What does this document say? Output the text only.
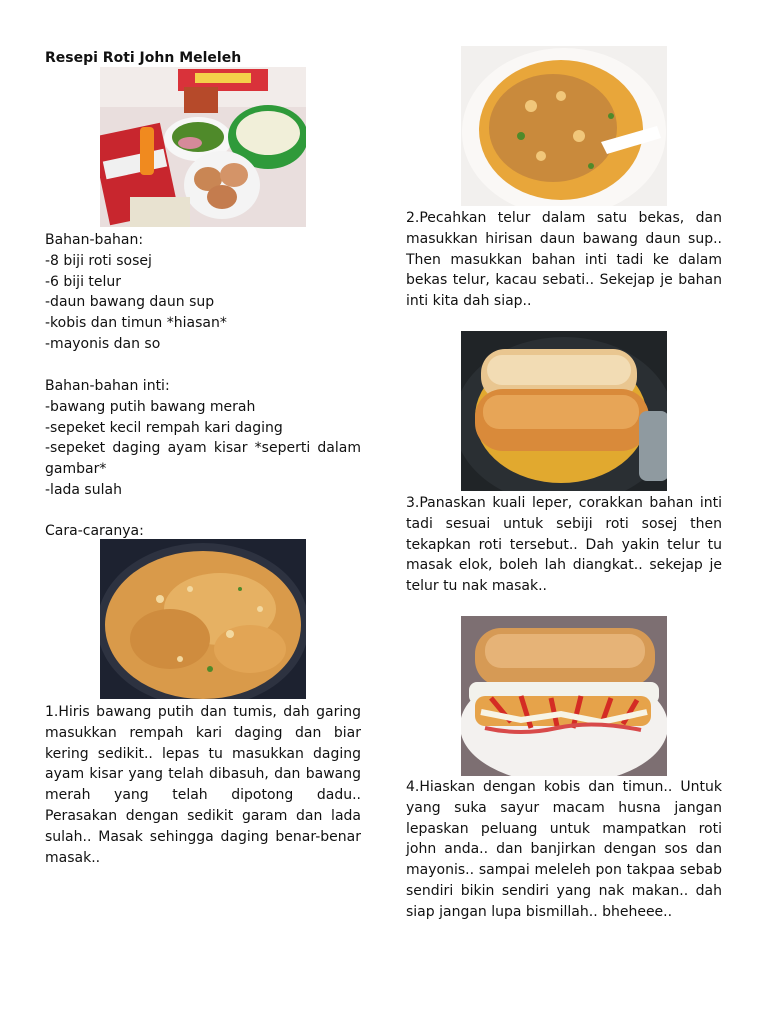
Resepi Roti John Meleleh
Bahan-bahan:
-8 biji roti sosej
-6 biji telur
-daun bawang daun sup
-kobis dan timun *hiasan*
-mayonis dan so
Bahan-bahan inti:
-bawang putih bawang merah
-sepeket kecil rempah kari daging
-sepeket daging ayam kisar *seperti dalam gambar*
-lada sulah
Cara-caranya:
1.Hiris bawang putih dan tumis, dah garing masukkan rempah kari daging dan biar kering sedikit.. lepas tu masukkan daging ayam kisar yang telah dibasuh, dan bawang merah yang telah dipotong dadu.. Perasakan dengan sedikit garam dan lada sulah.. Masak sehingga daging benar-benar masak..
2.Pecahkan telur dalam satu bekas, dan masukkan hirisan daun bawang daun sup.. Then masukkan bahan inti tadi ke dalam bekas telur, kacau sebati.. Sekejap je bahan inti kita dah siap..
3.Panaskan kuali leper, corakkan bahan inti tadi sesuai untuk sebiji roti sosej then tekapkan roti tersebut.. Dah yakin telur tu masak elok, boleh lah diangkat.. sekejap je telur tu nak masak..
4.Hiaskan dengan kobis dan timun.. Untuk yang suka sayur macam husna jangan lepaskan peluang untuk mampatkan roti john anda.. dan banjirkan dengan sos dan mayonis.. sampai meleleh pon takpaa sebab sendiri bikin sendiri yang nak makan.. dah siap jangan lupa bismillah.. bheheee..
